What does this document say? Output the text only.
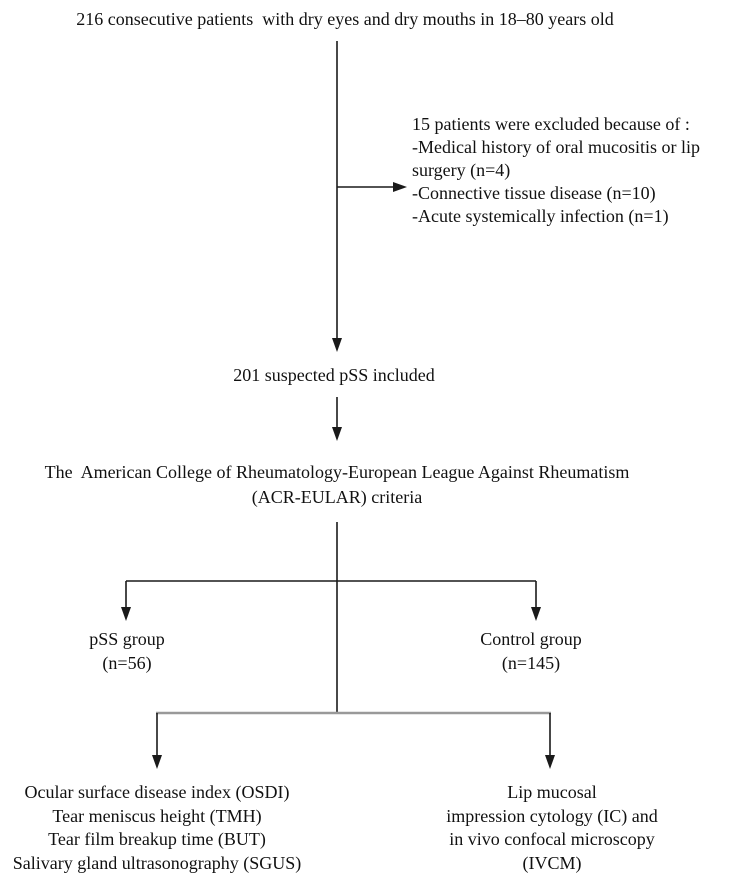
216 consecutive patients  with dry eyes and dry mouths in 18–80 years old
15 patients were excluded because of :
-Medical history of oral mucositis or lip
surgery (n=4)
-Connective tissue disease (n=10)
-Acute systemically infection (n=1)
201 suspected pSS included
The  American College of Rheumatology-European League Against Rheumatism
(ACR-EULAR) criteria
pSS group
(n=56)
Control group
(n=145)
Ocular surface disease index (OSDI)
Tear meniscus height (TMH)
Tear film breakup time (BUT)
Salivary gland ultrasonography (SGUS)
Lip mucosal
impression cytology (IC) and
in vivo confocal microscopy
(IVCM)
